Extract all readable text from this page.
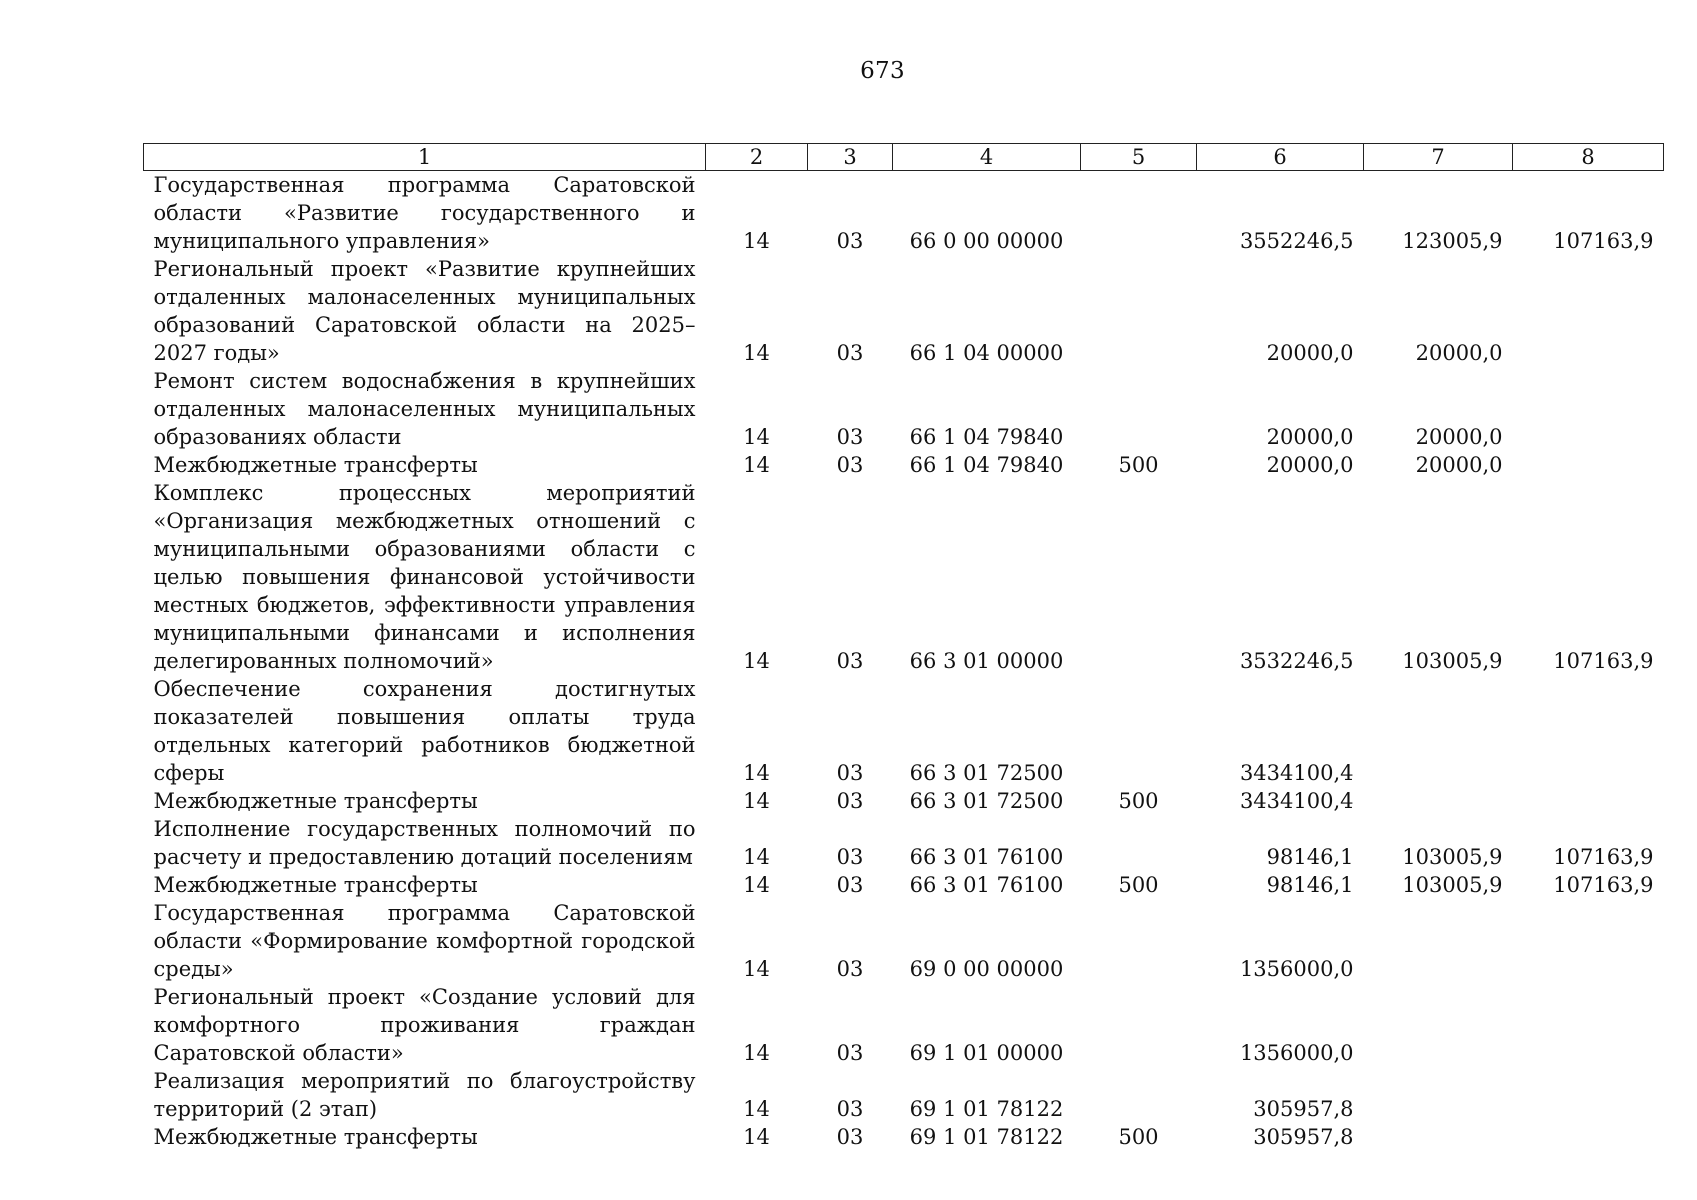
673
1	2	3	4	5	6	7	8
Государственная программа Саратовской области «Развитие государственного и муниципального управления»	14	03	66 0 00 00000		3552246,5	123005,9	107163,9
Региональный проект «Развитие крупнейших отдаленных малонаселенных муниципальных образований Саратовской области на 2025–2027 годы»	14	03	66 1 04 00000		20000,0	20000,0	
Ремонт систем водоснабжения в крупнейших отдаленных малонаселенных муниципальных образованиях области	14	03	66 1 04 79840		20000,0	20000,0	
Межбюджетные трансферты	14	03	66 1 04 79840	500	20000,0	20000,0	
Комплекс процессных мероприятий «Организация межбюджетных отношений с муниципальными образованиями области с целью повышения финансовой устойчивости местных бюджетов, эффективности управления муниципальными финансами и исполнения делегированных полномочий»	14	03	66 3 01 00000		3532246,5	103005,9	107163,9
Обеспечение сохранения достигнутых показателей повышения оплаты труда отдельных категорий работников бюджетной сферы	14	03	66 3 01 72500		3434100,4		
Межбюджетные трансферты	14	03	66 3 01 72500	500	3434100,4		
Исполнение государственных полномочий по расчету и предоставлению дотаций поселениям	14	03	66 3 01 76100		98146,1	103005,9	107163,9
Межбюджетные трансферты	14	03	66 3 01 76100	500	98146,1	103005,9	107163,9
Государственная программа Саратовской области «Формирование комфортной городской среды»	14	03	69 0 00 00000		1356000,0		
Региональный проект «Создание условий для комфортного проживания граждан Саратовской области»	14	03	69 1 01 00000		1356000,0		
Реализация мероприятий по благоустройству территорий (2 этап)	14	03	69 1 01 78122		305957,8		
Межбюджетные трансферты	14	03	69 1 01 78122	500	305957,8		
